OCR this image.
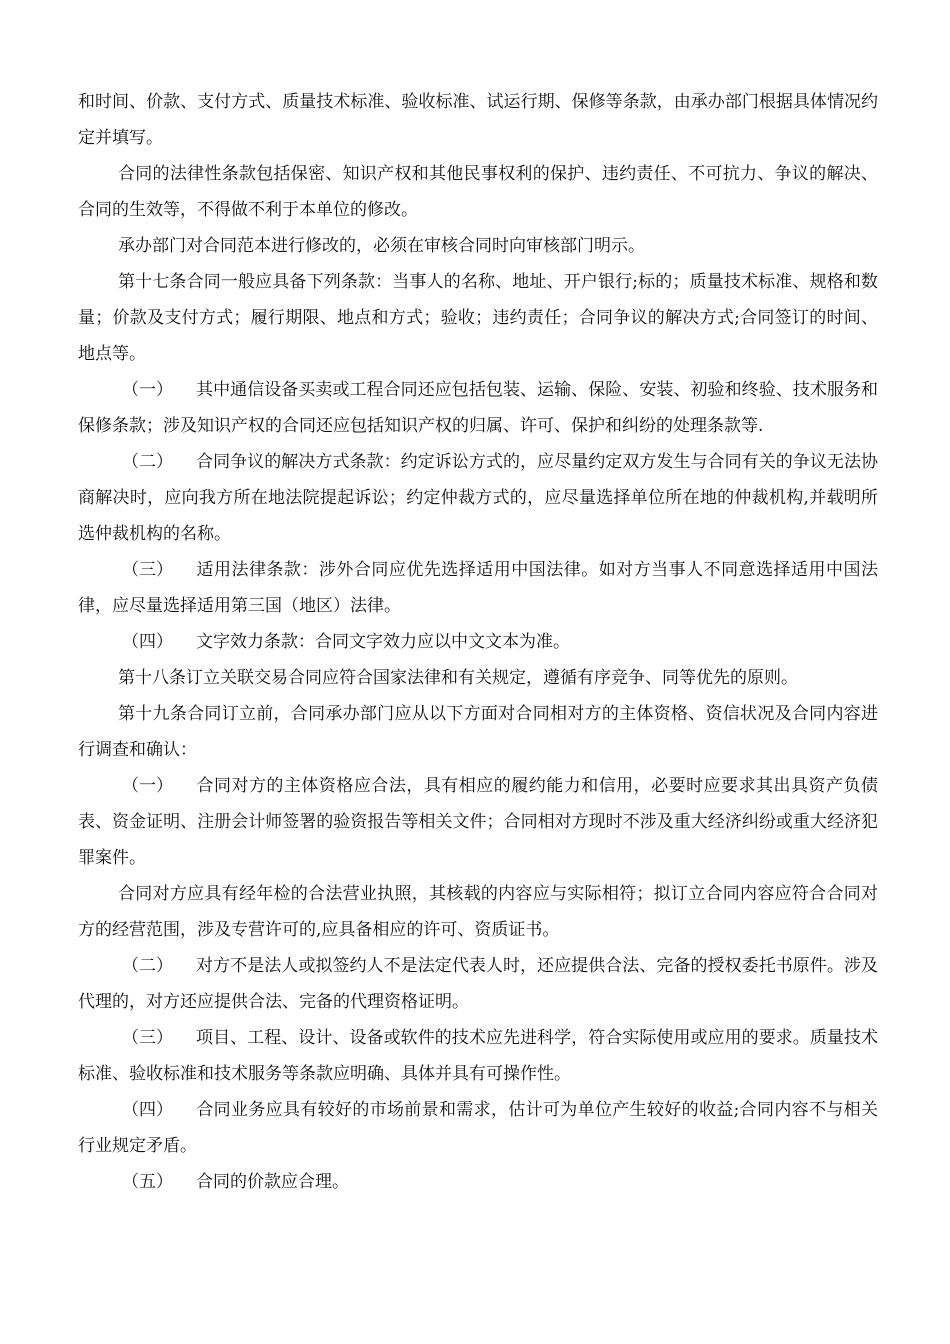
和时间、价款、支付方式、质量技术标准、验收标准、试运行期、保修等条款，由承办部门根据具体情况约定并填写。

合同的法律性条款包括保密、知识产权和其他民事权利的保护、违约责任、不可抗力、争议的解决、合同的生效等，不得做不利于本单位的修改。

承办部门对合同范本进行修改的，必须在审核合同时向审核部门明示。

第十七条合同一般应具备下列条款：当事人的名称、地址、开户银行;标的；质量技术标准、规格和数量；价款及支付方式；履行期限、地点和方式；验收；违约责任；合同争议的解决方式;合同签订的时间、地点等。

（一） 其中通信设备买卖或工程合同还应包括包装、运输、保险、安装、初验和终验、技术服务和保修条款；涉及知识产权的合同还应包括知识产权的归属、许可、保护和纠纷的处理条款等.

（二） 合同争议的解决方式条款：约定诉讼方式的，应尽量约定双方发生与合同有关的争议无法协商解决时，应向我方所在地法院提起诉讼；约定仲裁方式的，应尽量选择单位所在地的仲裁机构,并载明所选仲裁机构的名称。

（三） 适用法律条款：涉外合同应优先选择适用中国法律。如对方当事人不同意选择适用中国法律，应尽量选择适用第三国（地区）法律。

（四） 文字效力条款：合同文字效力应以中文文本为准。

第十八条订立关联交易合同应符合国家法律和有关规定，遵循有序竞争、同等优先的原则。

第十九条合同订立前，合同承办部门应从以下方面对合同相对方的主体资格、资信状况及合同内容进行调查和确认：

（一） 合同对方的主体资格应合法，具有相应的履约能力和信用，必要时应要求其出具资产负债表、资金证明、注册会计师签署的验资报告等相关文件；合同相对方现时不涉及重大经济纠纷或重大经济犯罪案件。

合同对方应具有经年检的合法营业执照，其核载的内容应与实际相符；拟订立合同内容应符合合同对方的经营范围，涉及专营许可的,应具备相应的许可、资质证书。

（二） 对方不是法人或拟签约人不是法定代表人时，还应提供合法、完备的授权委托书原件。涉及代理的，对方还应提供合法、完备的代理资格证明。

（三） 项目、工程、设计、设备或软件的技术应先进科学，符合实际使用或应用的要求。质量技术标准、验收标准和技术服务等条款应明确、具体并具有可操作性。

（四） 合同业务应具有较好的市场前景和需求，估计可为单位产生较好的收益;合同内容不与相关行业规定矛盾。

（五） 合同的价款应合理。
